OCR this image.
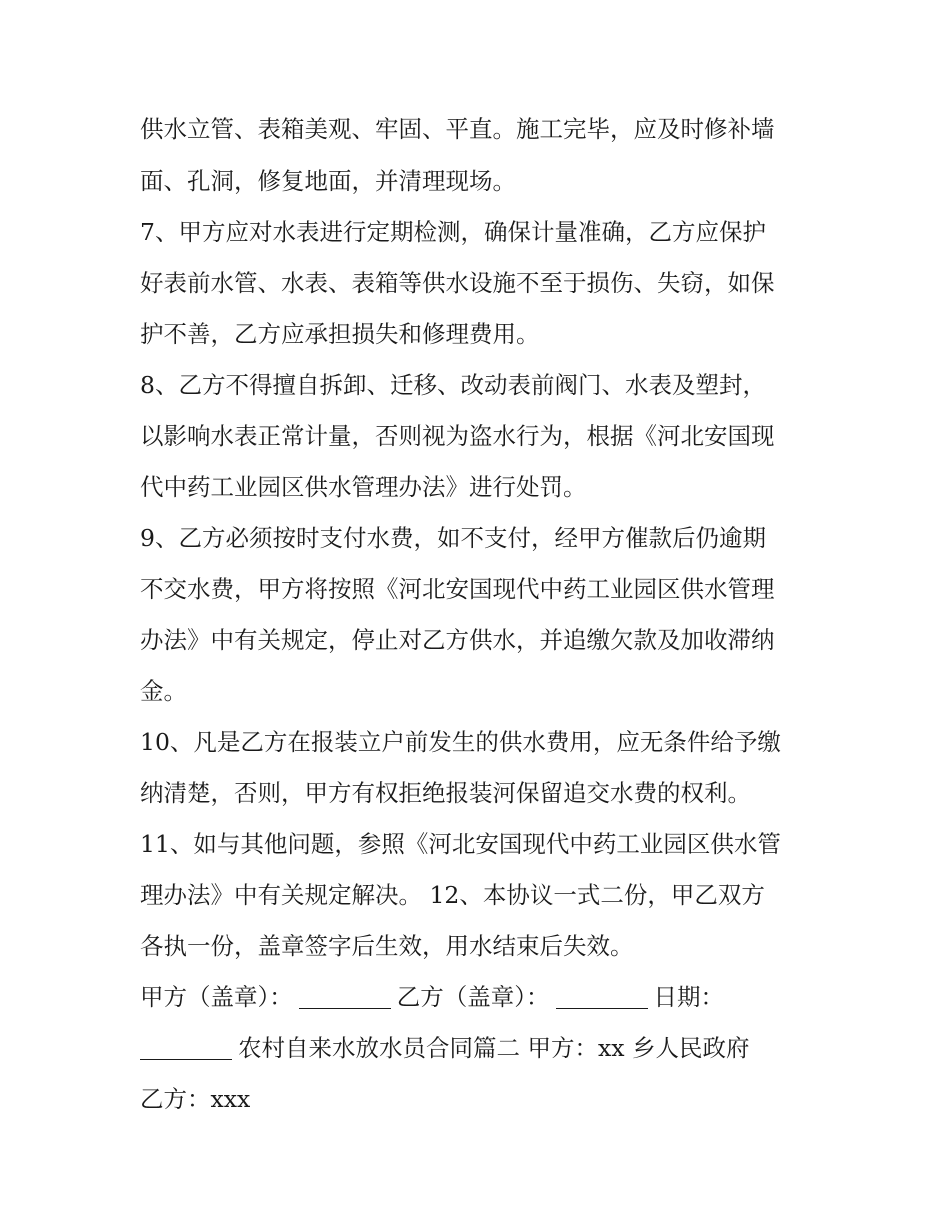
供水立管、表箱美观、牢固、平直。施工完毕，应及时修补墙
面、孔洞，修复地面，并清理现场。
7、甲方应对水表进行定期检测，确保计量准确，乙方应保护
好表前水管、水表、表箱等供水设施不至于损伤、失窃，如保
护不善，乙方应承担损失和修理费用。
8、乙方不得擅自拆卸、迁移、改动表前阀门、水表及塑封，
以影响水表正常计量，否则视为盗水行为，根据《河北安国现
代中药工业园区供水管理办法》进行处罚。
9、乙方必须按时支付水费，如不支付，经甲方催款后仍逾期
不交水费，甲方将按照《河北安国现代中药工业园区供水管理
办法》中有关规定，停止对乙方供水，并追缴欠款及加收滞纳
金。
10、凡是乙方在报装立户前发生的供水费用，应无条件给予缴
纳清楚，否则，甲方有权拒绝报装河保留追交水费的权利。
11、如与其他问题，参照《河北安国现代中药工业园区供水管
理办法》中有关规定解决。 12、本协议一式二份，甲乙双方
各执一份，盖章签字后生效，用水结束后失效。
甲方（盖章）：	乙方（盖章）：	日期：
农村自来水放水员合同篇二 甲方：xx 乡人民政府
乙方：xxx
